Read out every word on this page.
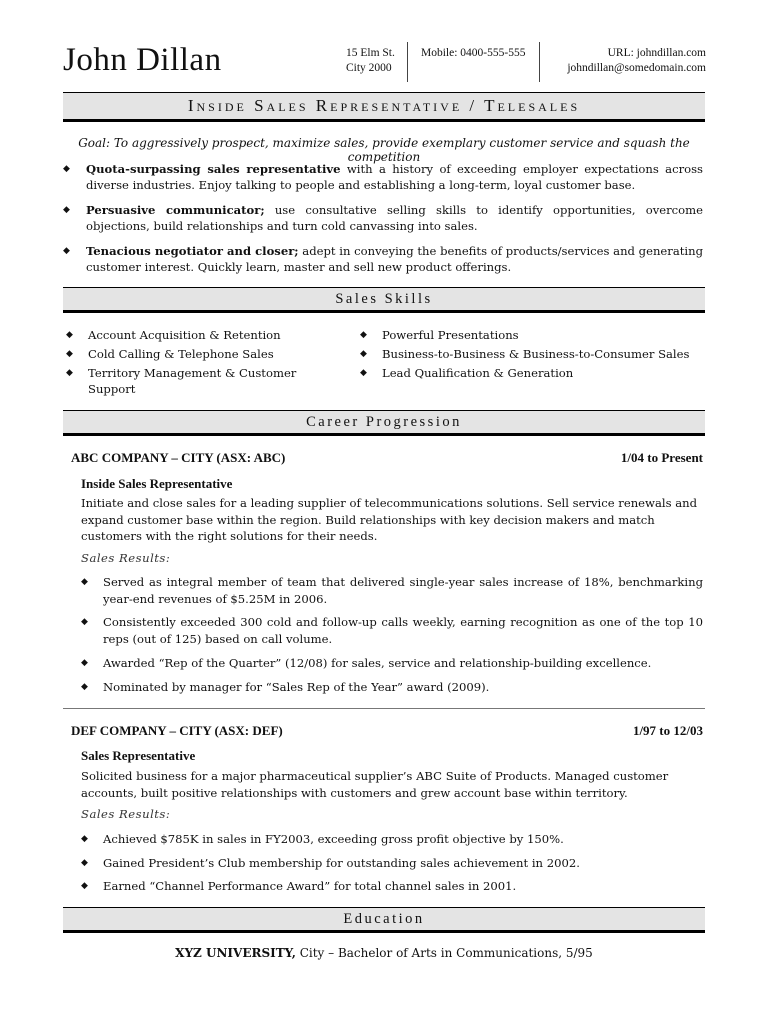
John Dillan	15 Elm St.
City 2000
Mobile: 0400-555-555	URL: johndillan.com
johndillan@somedomain.com
Inside Sales Representative / Telesales
Goal: To aggressively prospect, maximize sales, provide exemplary customer service and squash the competition
◆	Quota-surpassing sales representative with a history of exceeding employer expectations across diverse industries. Enjoy talking to people and establishing a long-term, loyal customer base.
◆	Persuasive communicator; use consultative selling skills to identify opportunities, overcome objections, build relationships and turn cold canvassing into sales.
◆	Tenacious negotiator and closer; adept in conveying the benefits of products/services and generating customer interest. Quickly learn, master and sell new product offerings.
Sales Skills
◆	Account Acquisition & Retention
◆	Cold Calling & Telephone Sales
◆	Territory Management & Customer Support
◆	Powerful Presentations
◆	Business-to-Business & Business-to-Consumer Sales
◆	Lead Qualification & Generation
Career Progression
ABC COMPANY – CITY (ASX: ABC)	1/04 to Present
Inside Sales Representative
Initiate and close sales for a leading supplier of telecommunications solutions. Sell service renewals and expand customer base within the region. Build relationships with key decision makers and match customers with the right solutions for their needs.
Sales Results:
◆	Served as integral member of team that delivered single-year sales increase of 18%, benchmarking year-end revenues of $5.25M in 2006.
◆	Consistently exceeded 300 cold and follow-up calls weekly, earning recognition as one of the top 10 reps (out of 125) based on call volume.
◆	Awarded “Rep of the Quarter” (12/08) for sales, service and relationship-building excellence.
◆	Nominated by manager for “Sales Rep of the Year” award (2009).
DEF COMPANY – CITY (ASX: DEF)	1/97 to 12/03
Sales Representative
Solicited business for a major pharmaceutical supplier’s ABC Suite of Products. Managed customer accounts, built positive relationships with customers and grew account base within territory.
Sales Results:
◆	Achieved $785K in sales in FY2003, exceeding gross profit objective by 150%.
◆	Gained President’s Club membership for outstanding sales achievement in 2002.
◆	Earned “Channel Performance Award” for total channel sales in 2001.
Education
XYZ UNIVERSITY, City – Bachelor of Arts in Communications, 5/95
